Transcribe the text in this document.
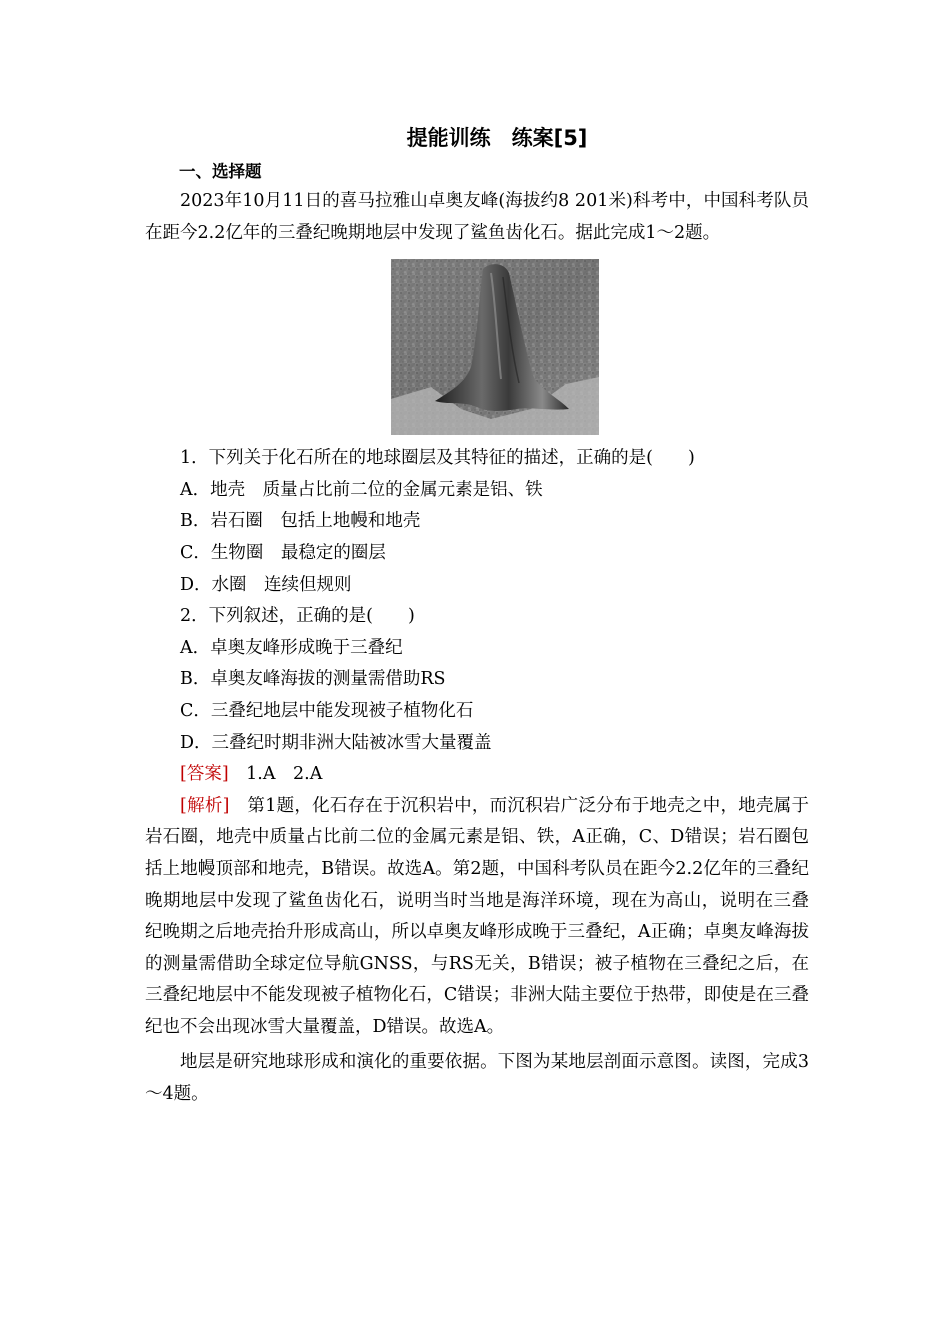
提能训练　练案[5]
一、选择题

2023年10月11日的喜马拉雅山卓奥友峰(海拔约8 201米)科考中，中国科考队员在距今2.2亿年的三叠纪晚期地层中发现了鲨鱼齿化石。据此完成1～2题。

1．下列关于化石所在的地球圈层及其特征的描述，正确的是(　　)

A．地壳　质量占比前二位的金属元素是铝、铁

B．岩石圈　包括上地幔和地壳

C．生物圈　最稳定的圈层

D．水圈　连续但规则

2．下列叙述，正确的是(　　)

A．卓奥友峰形成晚于三叠纪

B．卓奥友峰海拔的测量需借助RS

C．三叠纪地层中能发现被子植物化石

D．三叠纪时期非洲大陆被冰雪大量覆盖

[答案]　1.A　2.A

[解析]　第1题，化石存在于沉积岩中，而沉积岩广泛分布于地壳之中，地壳属于岩石圈，地壳中质量占比前二位的金属元素是铝、铁，A正确，C、D错误；岩石圈包括上地幔顶部和地壳，B错误。故选A。第2题，中国科考队员在距今2.2亿年的三叠纪晚期地层中发现了鲨鱼齿化石，说明当时当地是海洋环境，现在为高山，说明在三叠纪晚期之后地壳抬升形成高山，所以卓奥友峰形成晚于三叠纪，A正确；卓奥友峰海拔的测量需借助全球定位导航GNSS，与RS无关，B错误；被子植物在三叠纪之后，在三叠纪地层中不能发现被子植物化石，C错误；非洲大陆主要位于热带，即使是在三叠纪也不会出现冰雪大量覆盖，D错误。故选A。

地层是研究地球形成和演化的重要依据。下图为某地层剖面示意图。读图，完成3～4题。
